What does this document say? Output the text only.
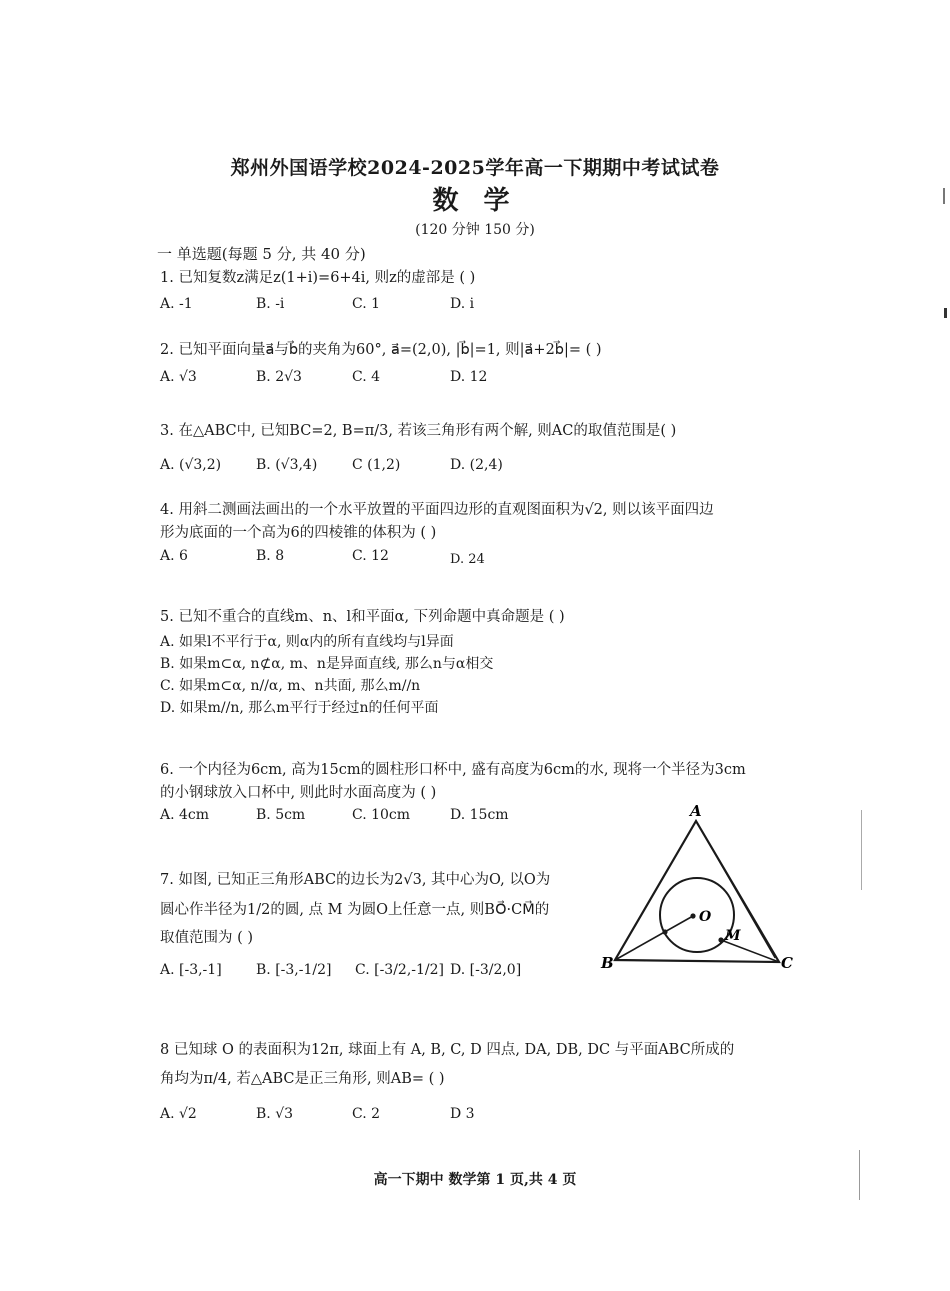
郑州外国语学校2024-2025学年高一下期期中考试试卷
数 学
(120 分钟 150 分)
一 单选题(每题 5 分, 共 40 分)
1. 已知复数z满足z(1+i)=6+4i, 则z的虚部是 ( )
A. -1	B. -i	C. 1	D. i
2. 已知平面向量a⃗与b⃗的夹角为60°, a⃗=(2,0), |b⃗|=1, 则|a⃗+2b⃗|= ( )
A. √3	B. 2√3	C. 4	D. 12
3. 在△ABC中, 已知BC=2, B=π/3, 若该三角形有两个解, 则AC的取值范围是( )
A. (√3,2) B. (√3,4) C (1,2)	D. (2,4)
4. 用斜二测画法画出的一个水平放置的平面四边形的直观图面积为√2, 则以该平面四边
形为底面的一个高为6的四棱锥的体积为 ( )
A. 6	B. 8	C. 12	D. 24
5. 已知不重合的直线m、n、l和平面α, 下列命题中真命题是 ( )
A. 如果l不平行于α, 则α内的所有直线均与l异面
B. 如果m⊂α, n⊄α, m、n是异面直线, 那么n与α相交
C. 如果m⊂α, n//α, m、n共面, 那么m//n
D. 如果m//n, 那么m平行于经过n的任何平面
6. 一个内径为6cm, 高为15cm的圆柱形口杯中, 盛有高度为6cm的水, 现将一个半径为3cm
的小钢球放入口杯中, 则此时水面高度为 ( )
A. 4cm	B. 5cm	C. 10cm	D. 15cm
7. 如图, 已知正三角形ABC的边长为2√3, 其中心为O, 以O为
圆心作半径为1/2的圆, 点 M 为圆O上任意一点, 则BO⃗·CM⃗的
取值范围为 ( )
A. [-3,-1] B. [-3,-1/2] C. [-3/2,-1/2] D. [-3/2,0]
A
B	C
O
M
8 已知球 O 的表面积为12π, 球面上有 A, B, C, D 四点, DA, DB, DC 与平面ABC所成的
角均为π/4, 若△ABC是正三角形, 则AB= ( )
A. √2	B. √3	C. 2	D 3
高一下期中 数学第 1 页,共 4 页
